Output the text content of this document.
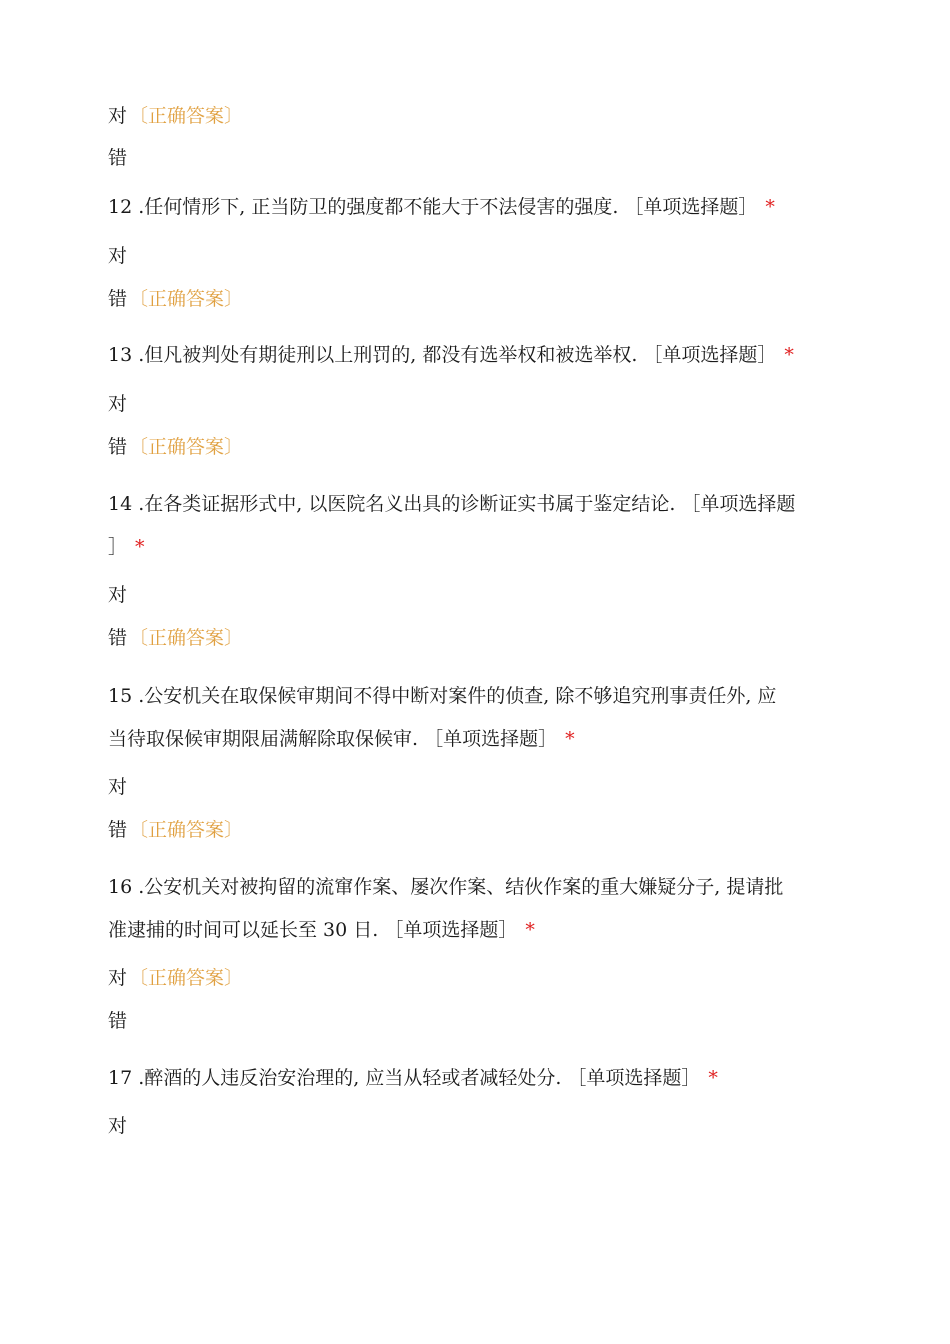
对 〔正确答案〕
错
12 .任何情形下, 正当防卫的强度都不能大于不法侵害的强度. ［单项选择题］ *
对
错 〔正确答案〕
13 .但凡被判处有期徒刑以上刑罚的, 都没有选举权和被选举权. ［单项选择题］ *
对
错 〔正确答案〕
14 .在各类证据形式中, 以医院名义出具的诊断证实书属于鉴定结论. ［单项选择题
］ *
对
错 〔正确答案〕
15 .公安机关在取保候审期间不得中断对案件的侦查, 除不够追究刑事责任外, 应
当待取保候审期限届满解除取保候审. ［单项选择题］ *
对
错 〔正确答案〕
16 .公安机关对被拘留的流窜作案、屡次作案、结伙作案的重大嫌疑分子, 提请批
准逮捕的时间可以延长至 30 日. ［单项选择题］ *
对 〔正确答案〕
错
17 .醉酒的人违反治安治理的, 应当从轻或者减轻处分. ［单项选择题］ *
对
